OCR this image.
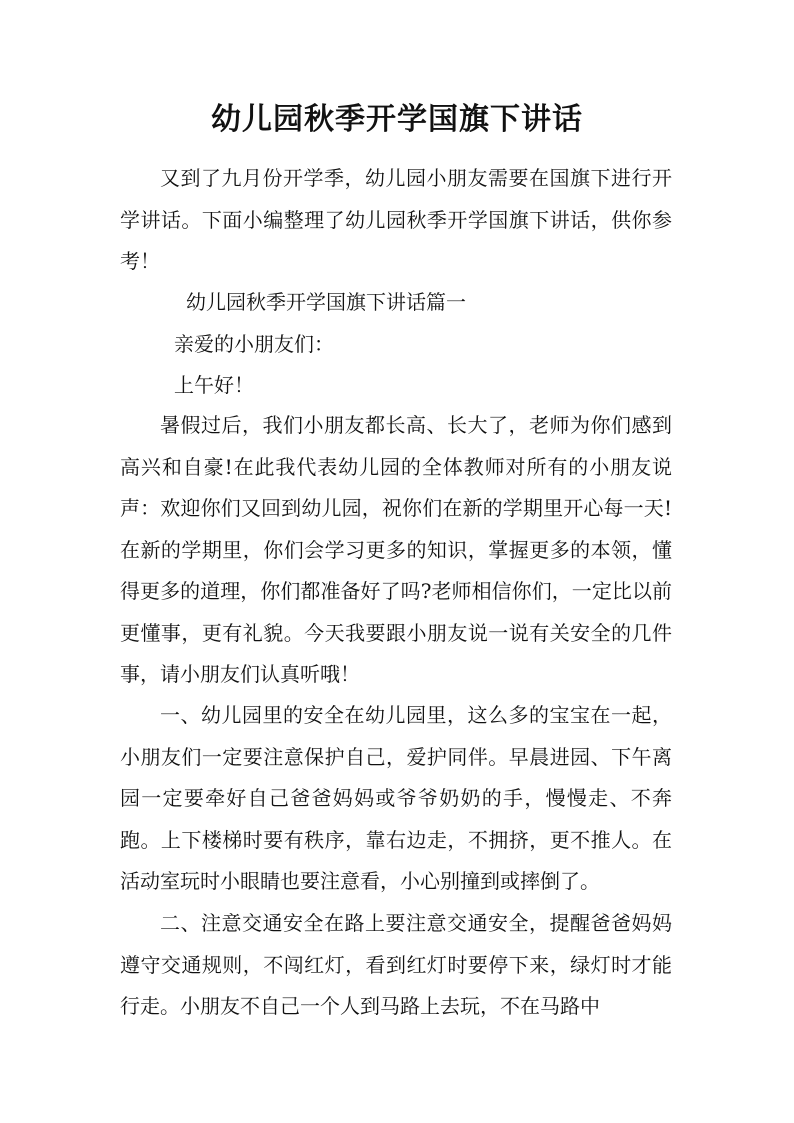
幼儿园秋季开学国旗下讲话

又到了九月份开学季，幼儿园小朋友需要在国旗下进行开学讲话。下面小编整理了幼儿园秋季开学国旗下讲话，供你参考！

幼儿园秋季开学国旗下讲话篇一

亲爱的小朋友们：

上午好！

暑假过后，我们小朋友都长高、长大了，老师为你们感到高兴和自豪!在此我代表幼儿园的全体教师对所有的小朋友说声：欢迎你们又回到幼儿园，祝你们在新的学期里开心每一天!在新的学期里，你们会学习更多的知识，掌握更多的本领，懂得更多的道理，你们都准备好了吗?老师相信你们，一定比以前更懂事，更有礼貌。今天我要跟小朋友说一说有关安全的几件事，请小朋友们认真听哦！

一、幼儿园里的安全在幼儿园里，这么多的宝宝在一起，小朋友们一定要注意保护自己，爱护同伴。早晨进园、下午离园一定要牵好自己爸爸妈妈或爷爷奶奶的手，慢慢走、不奔跑。上下楼梯时要有秩序，靠右边走，不拥挤，更不推人。在活动室玩时小眼睛也要注意看，小心别撞到或摔倒了。

二、注意交通安全在路上要注意交通安全，提醒爸爸妈妈遵守交通规则，不闯红灯，看到红灯时要停下来，绿灯时才能行走。小朋友不自己一个人到马路上去玩，不在马路中
